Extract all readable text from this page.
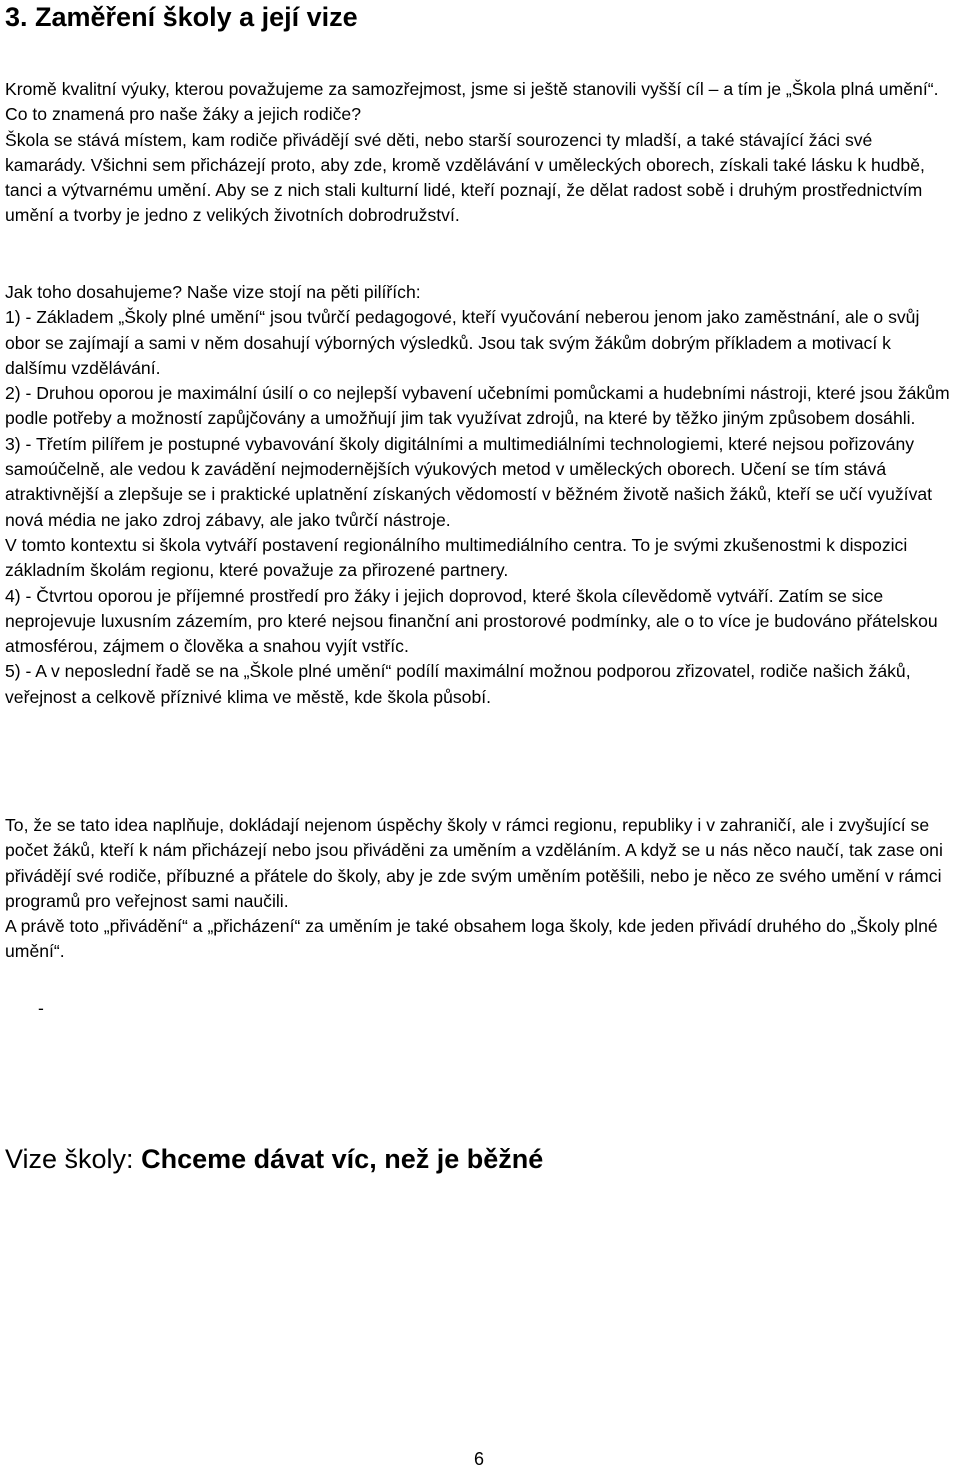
3. Zaměření školy a její vize

Kromě kvalitní výuky, kterou považujeme za samozřejmost, jsme si ještě stanovili vyšší cíl – a tím je „Škola plná umění“. Co to znamená pro naše žáky a jejich rodiče?

Škola se stává místem, kam rodiče přivádějí své děti, nebo starší sourozenci ty mladší, a také stávající žáci své kamarády. Všichni sem přicházejí proto, aby zde, kromě vzdělávání v uměleckých oborech, získali také lásku k hudbě, tanci a výtvarnému umění. Aby se z nich stali kulturní lidé, kteří poznají, že dělat radost sobě i druhým prostřednictvím umění a tvorby je jedno z velikých životních dobrodružství.

Jak toho dosahujeme? Naše vize stojí na pěti pilířích:

1) - Základem „Školy plné umění“ jsou tvůrčí pedagogové, kteří vyučování neberou jenom jako zaměstnání, ale o svůj obor se zajímají a sami v něm dosahují výborných výsledků. Jsou tak svým žákům dobrým příkladem a motivací k dalšímu vzdělávání.

2) - Druhou oporou je maximální úsilí o co nejlepší vybavení učebními pomůckami a hudebními nástroji, které jsou žákům podle potřeby a možností zapůjčovány a umožňují jim tak využívat zdrojů, na které by těžko jiným způsobem dosáhli.

3) - Třetím pilířem je postupné vybavování školy digitálními a multimediálními technologiemi, které nejsou pořizovány samoúčelně, ale vedou k zavádění nejmodernějších výukových metod v uměleckých oborech. Učení se tím stává atraktivnější a zlepšuje se i praktické uplatnění získaných vědomostí v běžném životě našich žáků, kteří se učí využívat nová média ne jako zdroj zábavy, ale jako tvůrčí nástroje.

V tomto kontextu si škola vytváří postavení regionálního multimediálního centra. To je svými zkušenostmi k dispozici základním školám regionu, které považuje za přirozené partnery.

4) - Čtvrtou oporou je příjemné prostředí pro žáky i jejich doprovod, které škola cílevědomě vytváří. Zatím se sice neprojevuje luxusním zázemím, pro které nejsou finanční ani prostorové podmínky, ale o to více je budováno přátelskou atmosférou, zájmem o člověka a snahou vyjít vstříc.

5) - A v neposlední řadě se na „Škole plné umění“ podílí maximální možnou podporou zřizovatel, rodiče našich žáků, veřejnost a celkově příznivé klima ve městě, kde škola působí.

To, že se tato idea naplňuje, dokládají nejenom úspěchy školy v rámci regionu, republiky i v zahraničí, ale i zvyšující se počet žáků, kteří k nám přicházejí nebo jsou přiváděni za uměním a vzděláním. A když se u nás něco naučí, tak zase oni přivádějí své rodiče, příbuzné a přátele do školy, aby je zde svým uměním potěšili, nebo je něco ze svého umění v rámci programů pro veřejnost sami naučili.

A právě toto „přivádění“ a „přicházení“ za uměním je také obsahem loga školy, kde jeden přivádí druhého do „Školy plné umění“.

-
Vize školy: Chceme dávat víc, než je běžné
6
